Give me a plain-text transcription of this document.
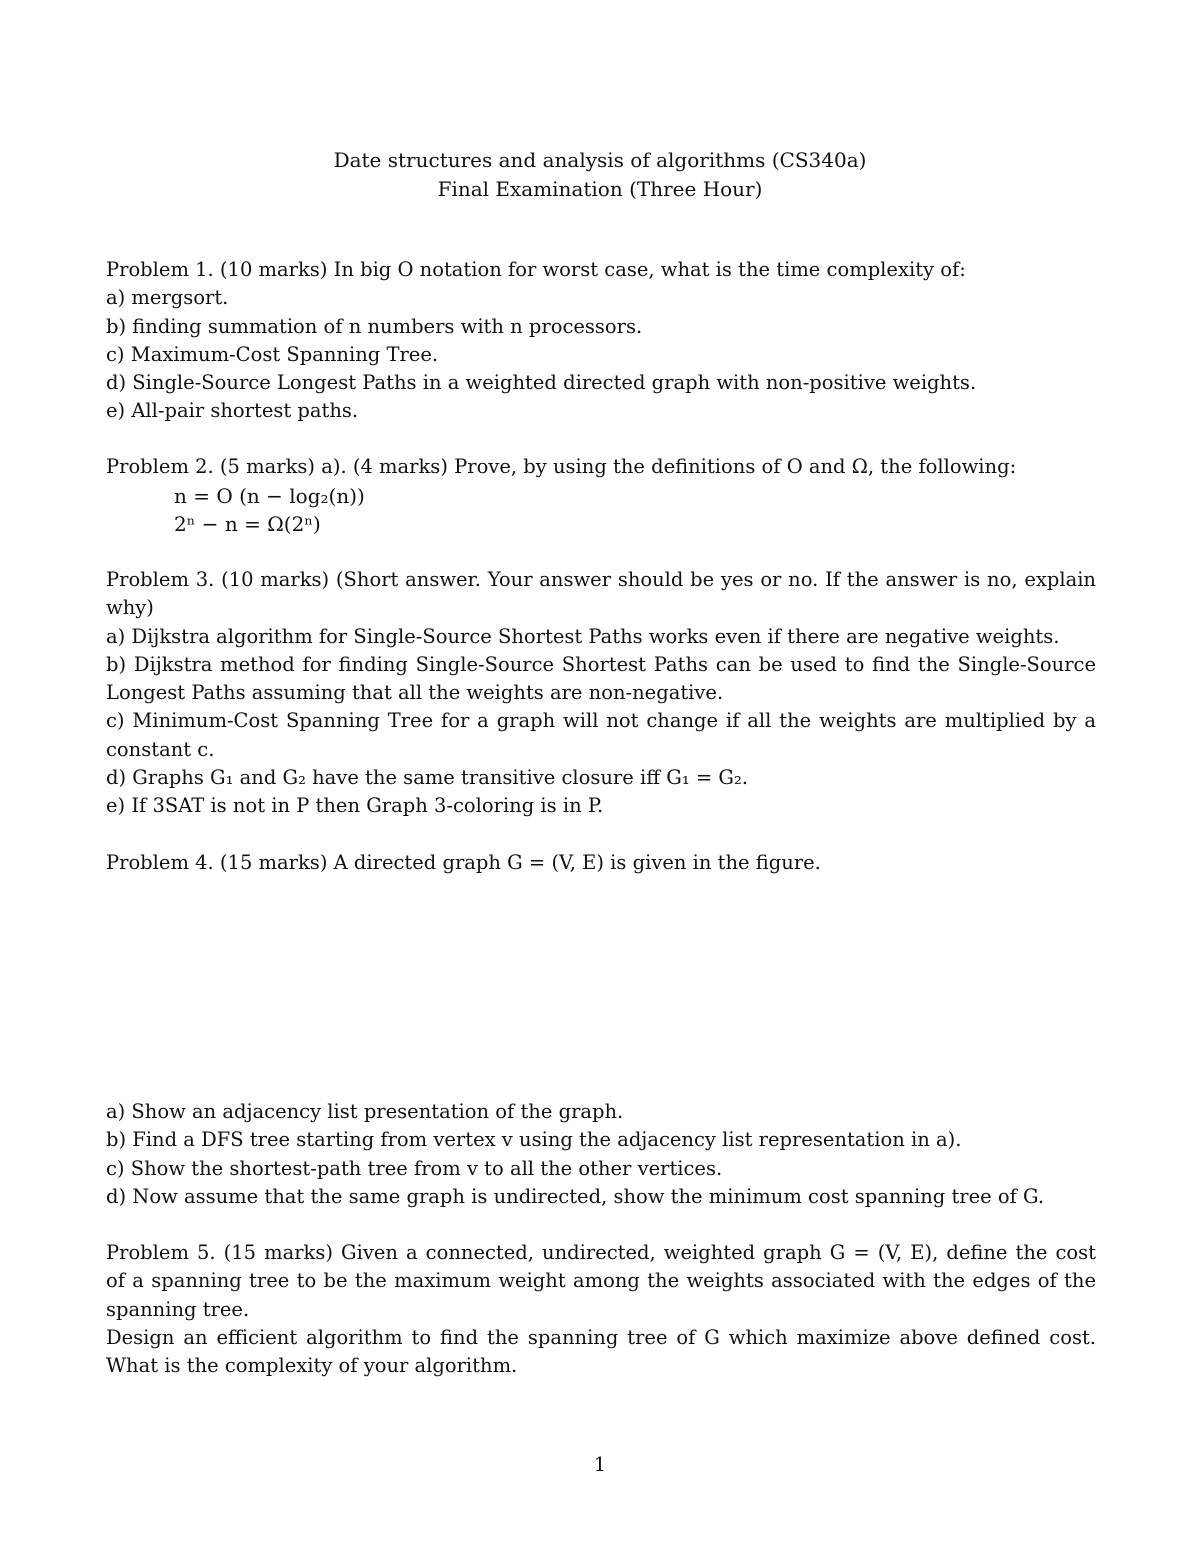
Date structures and analysis of algorithms (CS340a)
Final Examination (Three Hour)
Problem 1. (10 marks) In big O notation for worst case, what is the time complexity of:
a) mergsort.
b) finding summation of n numbers with n processors.
c) Maximum-Cost Spanning Tree.
d) Single-Source Longest Paths in a weighted directed graph with non-positive weights.
e) All-pair shortest paths.
Problem 2. (5 marks) a). (4 marks) Prove, by using the definitions of O and Ω, the following:
n = O (n − log₂(n))
2ⁿ − n = Ω(2ⁿ)
Problem 3. (10 marks) (Short answer. Your answer should be yes or no. If the answer is no, explain
why)
a) Dijkstra algorithm for Single-Source Shortest Paths works even if there are negative weights.
b) Dijkstra method for finding Single-Source Shortest Paths can be used to find the Single-Source
Longest Paths assuming that all the weights are non-negative.
c) Minimum-Cost Spanning Tree for a graph will not change if all the weights are multiplied by a
constant c.
d) Graphs G₁ and G₂ have the same transitive closure iff G₁ = G₂.
e) If 3SAT is not in P then Graph 3-coloring is in P.
Problem 4. (15 marks) A directed graph G = (V, E) is given in the figure.
a) Show an adjacency list presentation of the graph.
b) Find a DFS tree starting from vertex v using the adjacency list representation in a).
c) Show the shortest-path tree from v to all the other vertices.
d) Now assume that the same graph is undirected, show the minimum cost spanning tree of G.
Problem 5. (15 marks) Given a connected, undirected, weighted graph G = (V, E), define the cost
of a spanning tree to be the maximum weight among the weights associated with the edges of the
spanning tree.
Design an efficient algorithm to find the spanning tree of G which maximize above defined cost.
What is the complexity of your algorithm.
1
